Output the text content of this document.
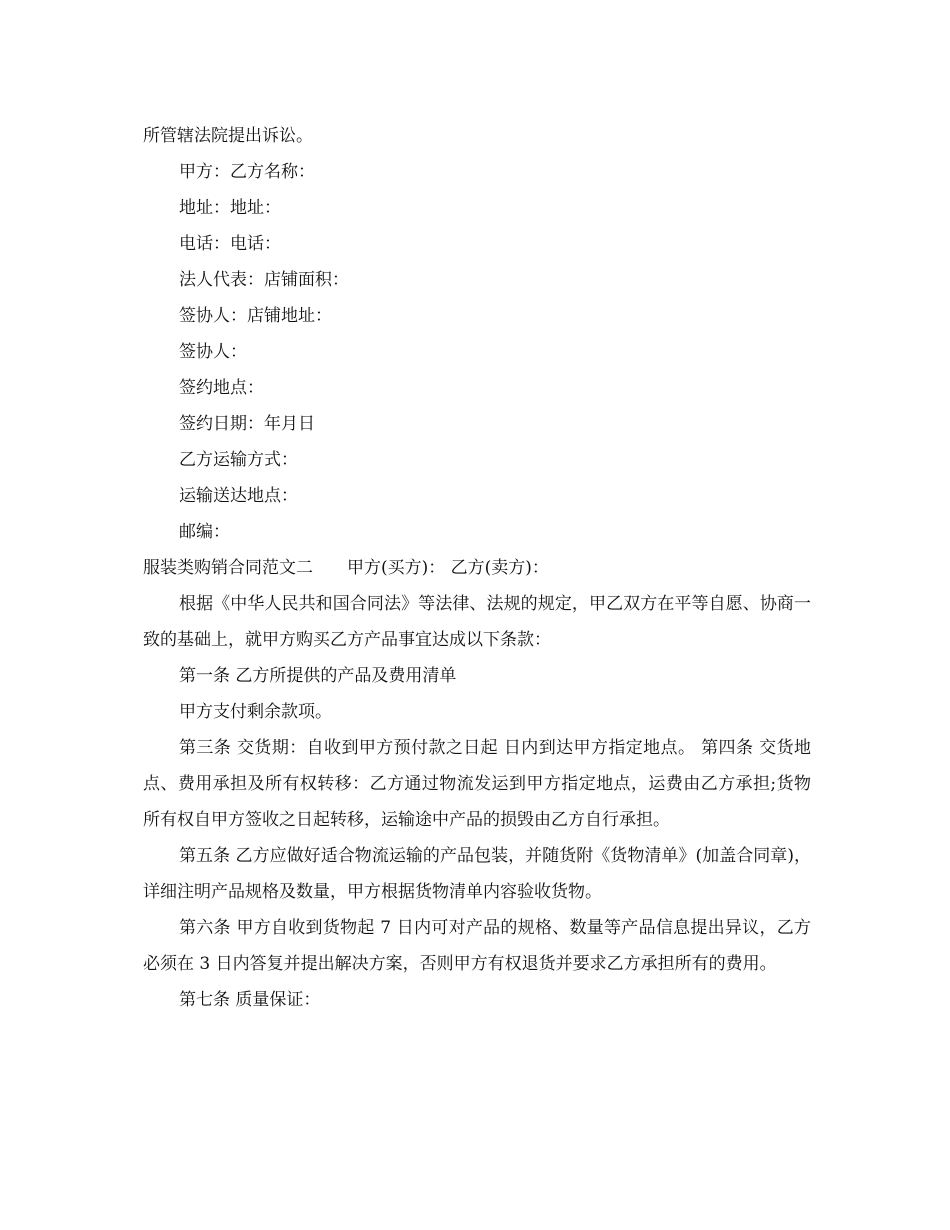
所管辖法院提出诉讼。

甲方：乙方名称：

地址：地址：

电话：电话：

法人代表：店铺面积：

签协人：店铺地址：

签协人：

签约地点：

签约日期：年月日

乙方运输方式：

运输送达地点：

邮编：

服装类购销合同范文二　　甲方(买方)： 乙方(卖方)：

根据《中华人民共和国合同法》等法律、法规的规定，甲乙双方在平等自愿、协商一致的基础上，就甲方购买乙方产品事宜达成以下条款：

第一条 乙方所提供的产品及费用清单

甲方支付剩余款项。

第三条 交货期：自收到甲方预付款之日起 日内到达甲方指定地点。 第四条 交货地点、费用承担及所有权转移：乙方通过物流发运到甲方指定地点，运费由乙方承担;货物所有权自甲方签收之日起转移，运输途中产品的损毁由乙方自行承担。

第五条 乙方应做好适合物流运输的产品包装，并随货附《货物清单》(加盖合同章)，详细注明产品规格及数量，甲方根据货物清单内容验收货物。

第六条 甲方自收到货物起 7 日内可对产品的规格、数量等产品信息提出异议，乙方必须在 3 日内答复并提出解决方案，否则甲方有权退货并要求乙方承担所有的费用。

第七条 质量保证：
